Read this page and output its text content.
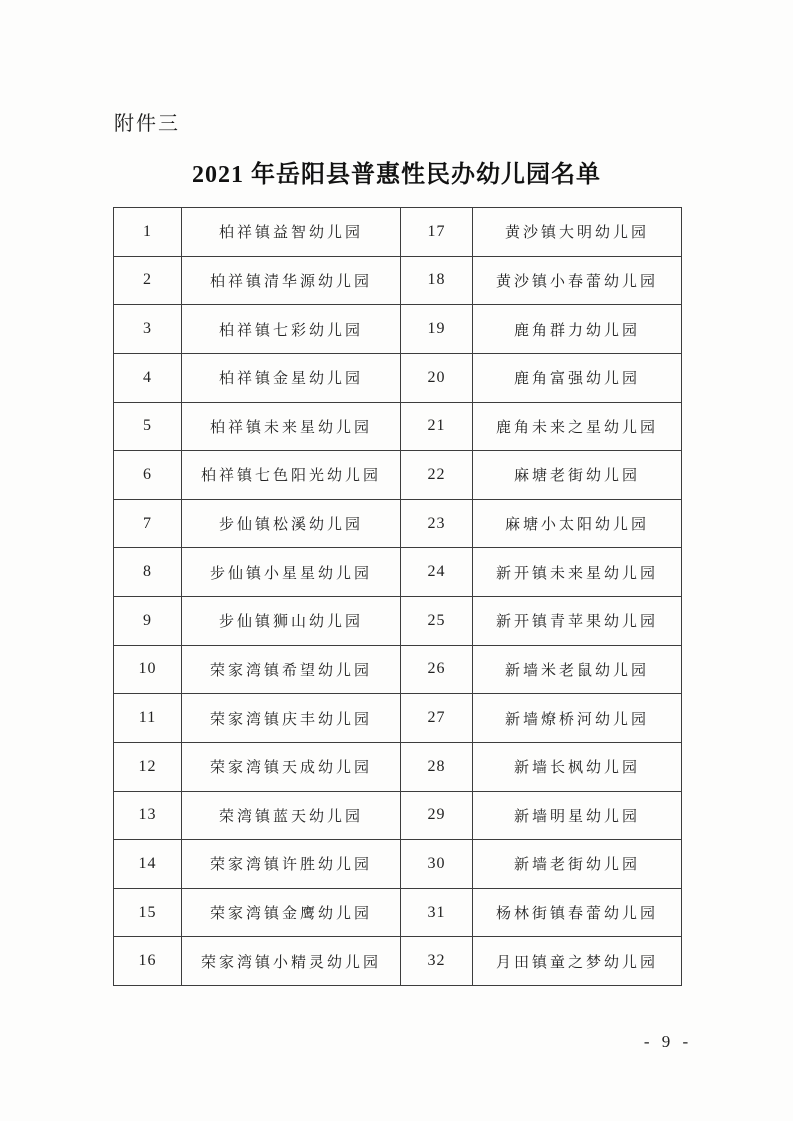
附件三
2021 年岳阳县普惠性民办幼儿园名单
1	柏祥镇益智幼儿园	17	黄沙镇大明幼儿园
2	柏祥镇清华源幼儿园	18	黄沙镇小春蕾幼儿园
3	柏祥镇七彩幼儿园	19	鹿角群力幼儿园
4	柏祥镇金星幼儿园	20	鹿角富强幼儿园
5	柏祥镇未来星幼儿园	21	鹿角未来之星幼儿园
6	柏祥镇七色阳光幼儿园	22	麻塘老街幼儿园
7	步仙镇松溪幼儿园	23	麻塘小太阳幼儿园
8	步仙镇小星星幼儿园	24	新开镇未来星幼儿园
9	步仙镇狮山幼儿园	25	新开镇青苹果幼儿园
10	荣家湾镇希望幼儿园	26	新墙米老鼠幼儿园
11	荣家湾镇庆丰幼儿园	27	新墙燎桥河幼儿园
12	荣家湾镇天成幼儿园	28	新墙长枫幼儿园
13	荣湾镇蓝天幼儿园	29	新墙明星幼儿园
14	荣家湾镇许胜幼儿园	30	新墙老街幼儿园
15	荣家湾镇金鹰幼儿园	31	杨林街镇春蕾幼儿园
16	荣家湾镇小精灵幼儿园	32	月田镇童之梦幼儿园
- 9 -
